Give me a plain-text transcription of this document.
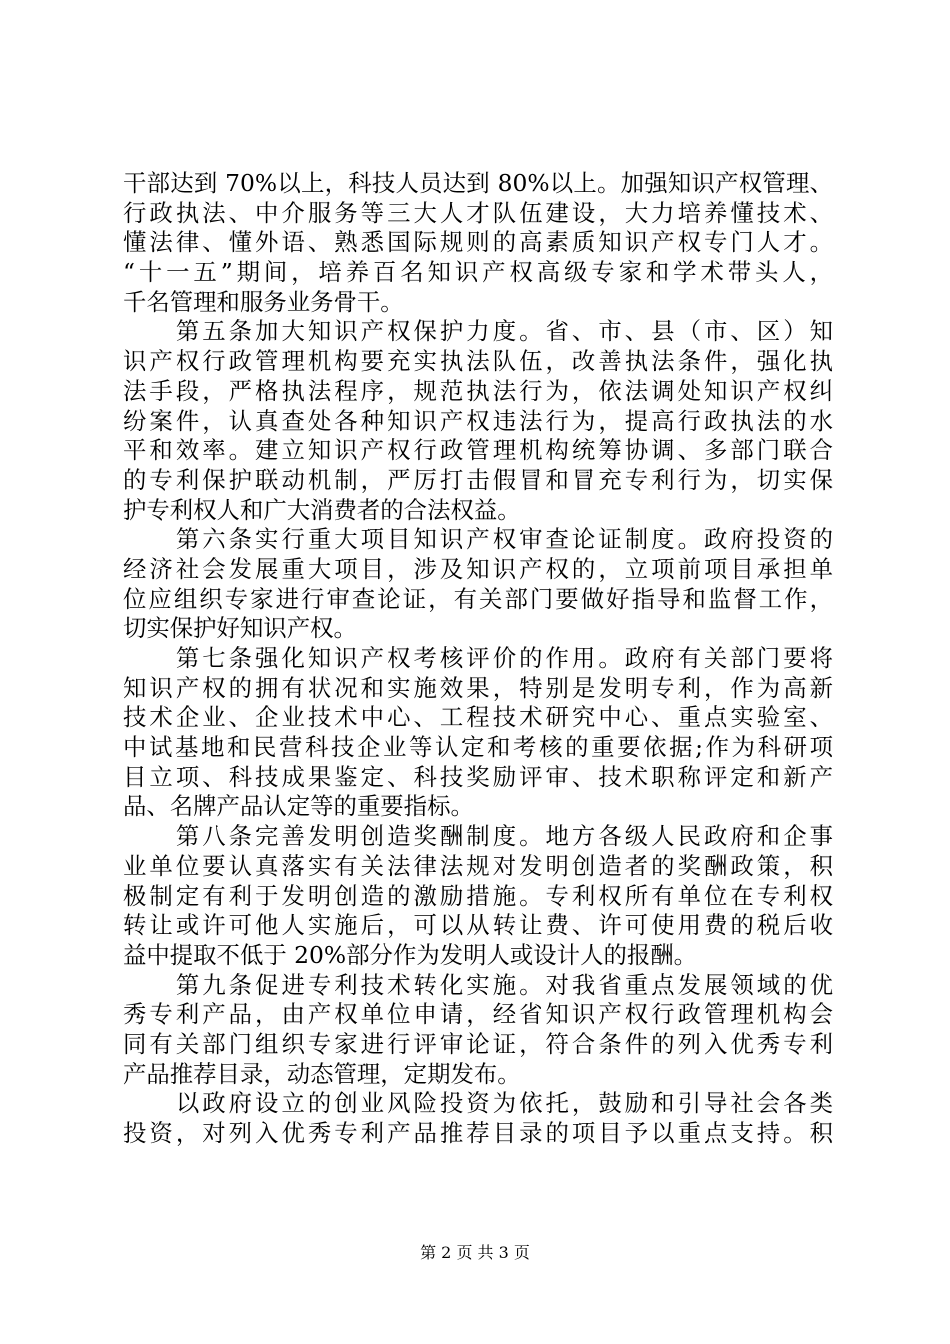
干部达到 70%以上，科技人员达到 80%以上。加强知识产权管理、
行政执法、中介服务等三大人才队伍建设，大力培养懂技术、
懂法律、懂外语、熟悉国际规则的高素质知识产权专门人才。
“十一五”期间，培养百名知识产权高级专家和学术带头人，
千名管理和服务业务骨干。
　　第五条加大知识产权保护力度。省、市、县（市、区）知
识产权行政管理机构要充实执法队伍，改善执法条件，强化执
法手段，严格执法程序，规范执法行为，依法调处知识产权纠
纷案件，认真查处各种知识产权违法行为，提高行政执法的水
平和效率。建立知识产权行政管理机构统筹协调、多部门联合
的专利保护联动机制，严厉打击假冒和冒充专利行为，切实保
护专利权人和广大消费者的合法权益。
　　第六条实行重大项目知识产权审查论证制度。政府投资的
经济社会发展重大项目，涉及知识产权的，立项前项目承担单
位应组织专家进行审查论证，有关部门要做好指导和监督工作，
切实保护好知识产权。
　　第七条强化知识产权考核评价的作用。政府有关部门要将
知识产权的拥有状况和实施效果，特别是发明专利，作为高新
技术企业、企业技术中心、工程技术研究中心、重点实验室、
中试基地和民营科技企业等认定和考核的重要依据;作为科研项
目立项、科技成果鉴定、科技奖励评审、技术职称评定和新产
品、名牌产品认定等的重要指标。
　　第八条完善发明创造奖酬制度。地方各级人民政府和企事
业单位要认真落实有关法律法规对发明创造者的奖酬政策，积
极制定有利于发明创造的激励措施。专利权所有单位在专利权
转让或许可他人实施后，可以从转让费、许可使用费的税后收
益中提取不低于 20%部分作为发明人或设计人的报酬。
　　第九条促进专利技术转化实施。对我省重点发展领域的优
秀专利产品，由产权单位申请，经省知识产权行政管理机构会
同有关部门组织专家进行评审论证，符合条件的列入优秀专利
产品推荐目录，动态管理，定期发布。
　　以政府设立的创业风险投资为依托，鼓励和引导社会各类
投资，对列入优秀专利产品推荐目录的项目予以重点支持。积
第 2 页 共 3 页
